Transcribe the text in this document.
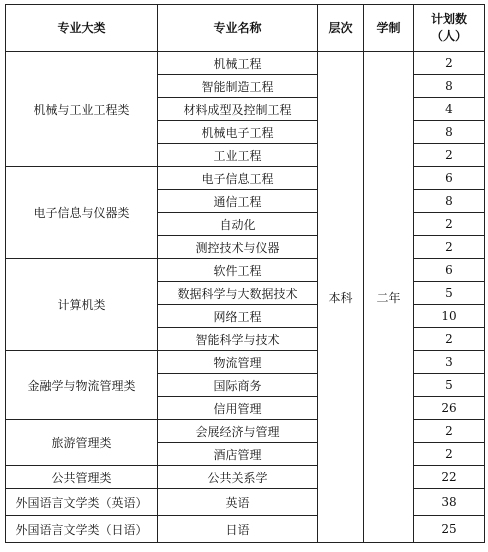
专业大类	专业名称	层次	学制	计划数
（人）
机械与工业工程类	机械工程	本科	二年	2
	智能制造工程			8
	材料成型及控制工程			4
	机械电子工程			8
	工业工程			2
电子信息与仪器类	电子信息工程			6
	通信工程			8
	自动化			2
	测控技术与仪器			2
计算机类	软件工程			6
	数据科学与大数据技术			5
	网络工程			10
	智能科学与技术			2
金融学与物流管理类	物流管理			3
	国际商务			5
	信用管理			26
旅游管理类	会展经济与管理			2
	酒店管理			2
公共管理类	公共关系学			22
外国语言文学类（英语）	英语			38
外国语言文学类（日语）	日语			25
